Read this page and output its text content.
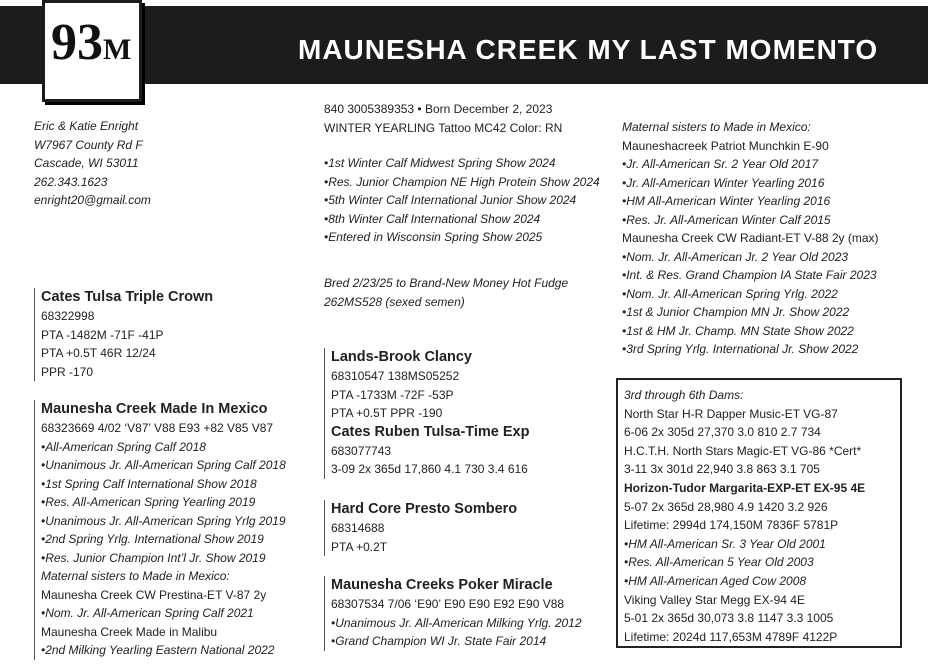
MAUNESHA CREEK MY LAST MOMENTO
93M
Eric & Katie Enright
W7967 County Rd F
Cascade, WI 53011
262.343.1623
enright20@gmail.com
Cates Tulsa Triple Crown
68322998
PTA -1482M -71F -41P
PTA +0.5T 46R 12/24
PPR -170
Maunesha Creek Made In Mexico
68323669 4/02 ‘V87’ V88 E93 +82 V85 V87
•All-American Spring Calf 2018
•Unanimous Jr. All-American Spring Calf 2018
•1st Spring Calf International Show 2018
•Res. All-American Spring Yearling 2019
•Unanimous Jr. All-American Spring Yrlg 2019
•2nd Spring Yrlg. International Show 2019
•Res. Junior Champion Int’l Jr. Show 2019
Maternal sisters to Made in Mexico:
Maunesha Creek CW Prestina-ET V-87 2y
•Nom. Jr. All-American Spring Calf 2021
Maunesha Creek Made in Malibu
•2nd Milking Yearling Eastern National 2022
840 3005389353 • Born December 2, 2023
WINTER YEARLING Tattoo MC42 Color: RN
•1st Winter Calf Midwest Spring Show 2024
•Res. Junior Champion NE High Protein Show 2024
•5th Winter Calf International Junior Show 2024
•8th Winter Calf International Show 2024
•Entered in Wisconsin Spring Show 2025
Bred 2/23/25 to Brand-New Money Hot Fudge
262MS528 (sexed semen)
Lands-Brook Clancy
68310547 138MS05252
PTA -1733M -72F -53P
PTA +0.5T PPR -190
Cates Ruben Tulsa-Time Exp
683077743
3-09 2x 365d 17,860 4.1 730 3.4 616
Hard Core Presto Sombero
68314688
PTA +0.2T
Maunesha Creeks Poker Miracle
68307534 7/06 ‘E90’ E90 E90 E92 E90 V88
•Unanimous Jr. All-American Milking Yrlg. 2012
•Grand Champion WI Jr. State Fair 2014
Maternal sisters to Made in Mexico:
Mauneshacreek Patriot Munchkin E-90
•Jr. All-American Sr. 2 Year Old 2017
•Jr. All-American Winter Yearling 2016
•HM All-American Winter Yearling 2016
•Res. Jr. All-American Winter Calf 2015
Maunesha Creek CW Radiant-ET V-88 2y (max)
•Nom. Jr. All-American Jr. 2 Year Old 2023
•Int. & Res. Grand Champion IA State Fair 2023
•Nom. Jr. All-American Spring Yrlg. 2022
•1st & Junior Champion MN Jr. Show 2022
•1st & HM Jr. Champ. MN State Show 2022
•3rd Spring Yrlg. International Jr. Show 2022
3rd through 6th Dams:
North Star H-R Dapper Music-ET VG-87
6-06 2x 305d 27,370 3.0 810 2.7 734
H.C.T.H. North Stars Magic-ET VG-86 *Cert*
3-11 3x 301d 22,940 3.8 863 3.1 705
Horizon-Tudor Margarita-EXP-ET EX-95 4E
5-07 2x 365d 28,980 4.9 1420 3.2 926
Lifetime: 2994d 174,150M 7836F 5781P
•HM All-American Sr. 3 Year Old 2001
•Res. All-American 5 Year Old 2003
•HM All-American Aged Cow 2008
Viking Valley Star Megg EX-94 4E
5-01 2x 365d 30,073 3.8 1147 3.3 1005
Lifetime: 2024d 117,653M 4789F 4122P
